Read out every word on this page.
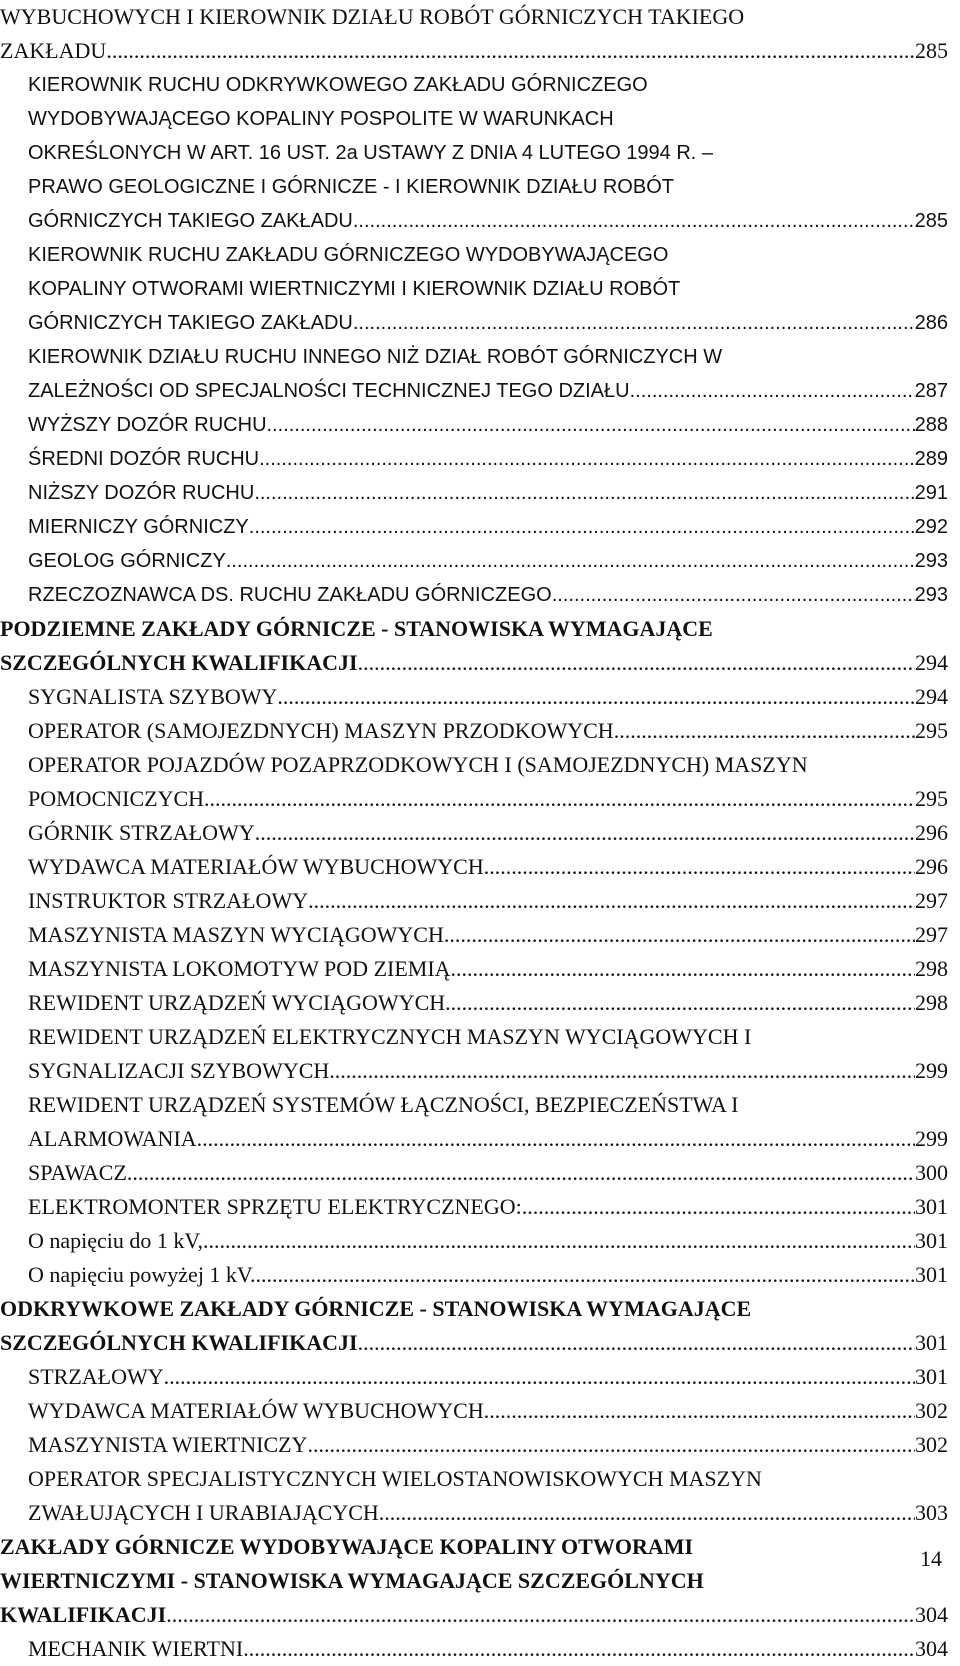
WYBUCHOWYCH I KIEROWNIK DZIAŁU ROBÓT GÓRNICZYCH TAKIEGO
ZAKŁADU .....	285
KIEROWNIK RUCHU ODKRYWKOWEGO ZAKŁADU GÓRNICZEGO
WYDOBYWAJĄCEGO KOPALINY POSPOLITE W WARUNKACH
OKREŚLONYCH W ART. 16 UST. 2a USTAWY Z DNIA 4 LUTEGO 1994 R. –
PRAWO GEOLOGICZNE I GÓRNICZE - I KIEROWNIK DZIAŁU ROBÓT
GÓRNICZYCH TAKIEGO ZAKŁADU .....	285
KIEROWNIK RUCHU ZAKŁADU GÓRNICZEGO WYDOBYWAJĄCEGO
KOPALINY OTWORAMI WIERTNICZYMI I KIEROWNIK DZIAŁU ROBÓT
GÓRNICZYCH TAKIEGO ZAKŁADU .....	286
KIEROWNIK DZIAŁU RUCHU INNEGO NIŻ DZIAŁ ROBÓT GÓRNICZYCH W
ZALEŻNOŚCI OD SPECJALNOŚCI TECHNICZNEJ TEGO DZIAŁU .....	287
WYŻSZY DOZÓR RUCHU .....	288
ŚREDNI DOZÓR RUCHU .....	289
NIŻSZY DOZÓR RUCHU .....	291
MIERNICZY GÓRNICZY .....	292
GEOLOG GÓRNICZY .....	293
RZECZOZNAWCA DS. RUCHU ZAKŁADU GÓRNICZEGO .....	293
PODZIEMNE ZAKŁADY GÓRNICZE - STANOWISKA WYMAGAJĄCE
SZCZEGÓLNYCH KWALIFIKACJI .....	294
SYGNALISTA SZYBOWY .....	294
OPERATOR (SAMOJEZDNYCH) MASZYN PRZODKOWYCH .....	295
OPERATOR POJAZDÓW POZAPRZODKOWYCH I (SAMOJEZDNYCH) MASZYN
POMOCNICZYCH .....	295
GÓRNIK STRZAŁOWY .....	296
WYDAWCA MATERIAŁÓW WYBUCHOWYCH .....	296
INSTRUKTOR STRZAŁOWY .....	297
MASZYNISTA MASZYN WYCIĄGOWYCH .....	297
MASZYNISTA LOKOMOTYW POD ZIEMIĄ .....	298
REWIDENT URZĄDZEŃ WYCIĄGOWYCH .....	298
REWIDENT URZĄDZEŃ ELEKTRYCZNYCH MASZYN WYCIĄGOWYCH I
SYGNALIZACJI SZYBOWYCH .....	299
REWIDENT URZĄDZEŃ SYSTEMÓW ŁĄCZNOŚCI, BEZPIECZEŃSTWA I
ALARMOWANIA .....	299
SPAWACZ .....	300
ELEKTROMONTER SPRZĘTU ELEKTRYCZNEGO: .....	301
O napięciu do 1 kV, .....	301
O napięciu powyżej 1 kV. .....	301
ODKRYWKOWE ZAKŁADY GÓRNICZE - STANOWISKA WYMAGAJĄCE
SZCZEGÓLNYCH KWALIFIKACJI .....	301
STRZAŁOWY .....	301
WYDAWCA MATERIAŁÓW WYBUCHOWYCH .....	302
MASZYNISTA WIERTNICZY .....	302
OPERATOR SPECJALISTYCZNYCH WIELOSTANOWISKOWYCH MASZYN
ZWAŁUJĄCYCH I URABIAJĄCYCH .....	303
ZAKŁADY GÓRNICZE WYDOBYWAJĄCE KOPALINY OTWORAMI
WIERTNICZYMI - STANOWISKA WYMAGAJĄCE SZCZEGÓLNYCH
KWALIFIKACJI .....	304
MECHANIK WIERTNI .....	304
14
